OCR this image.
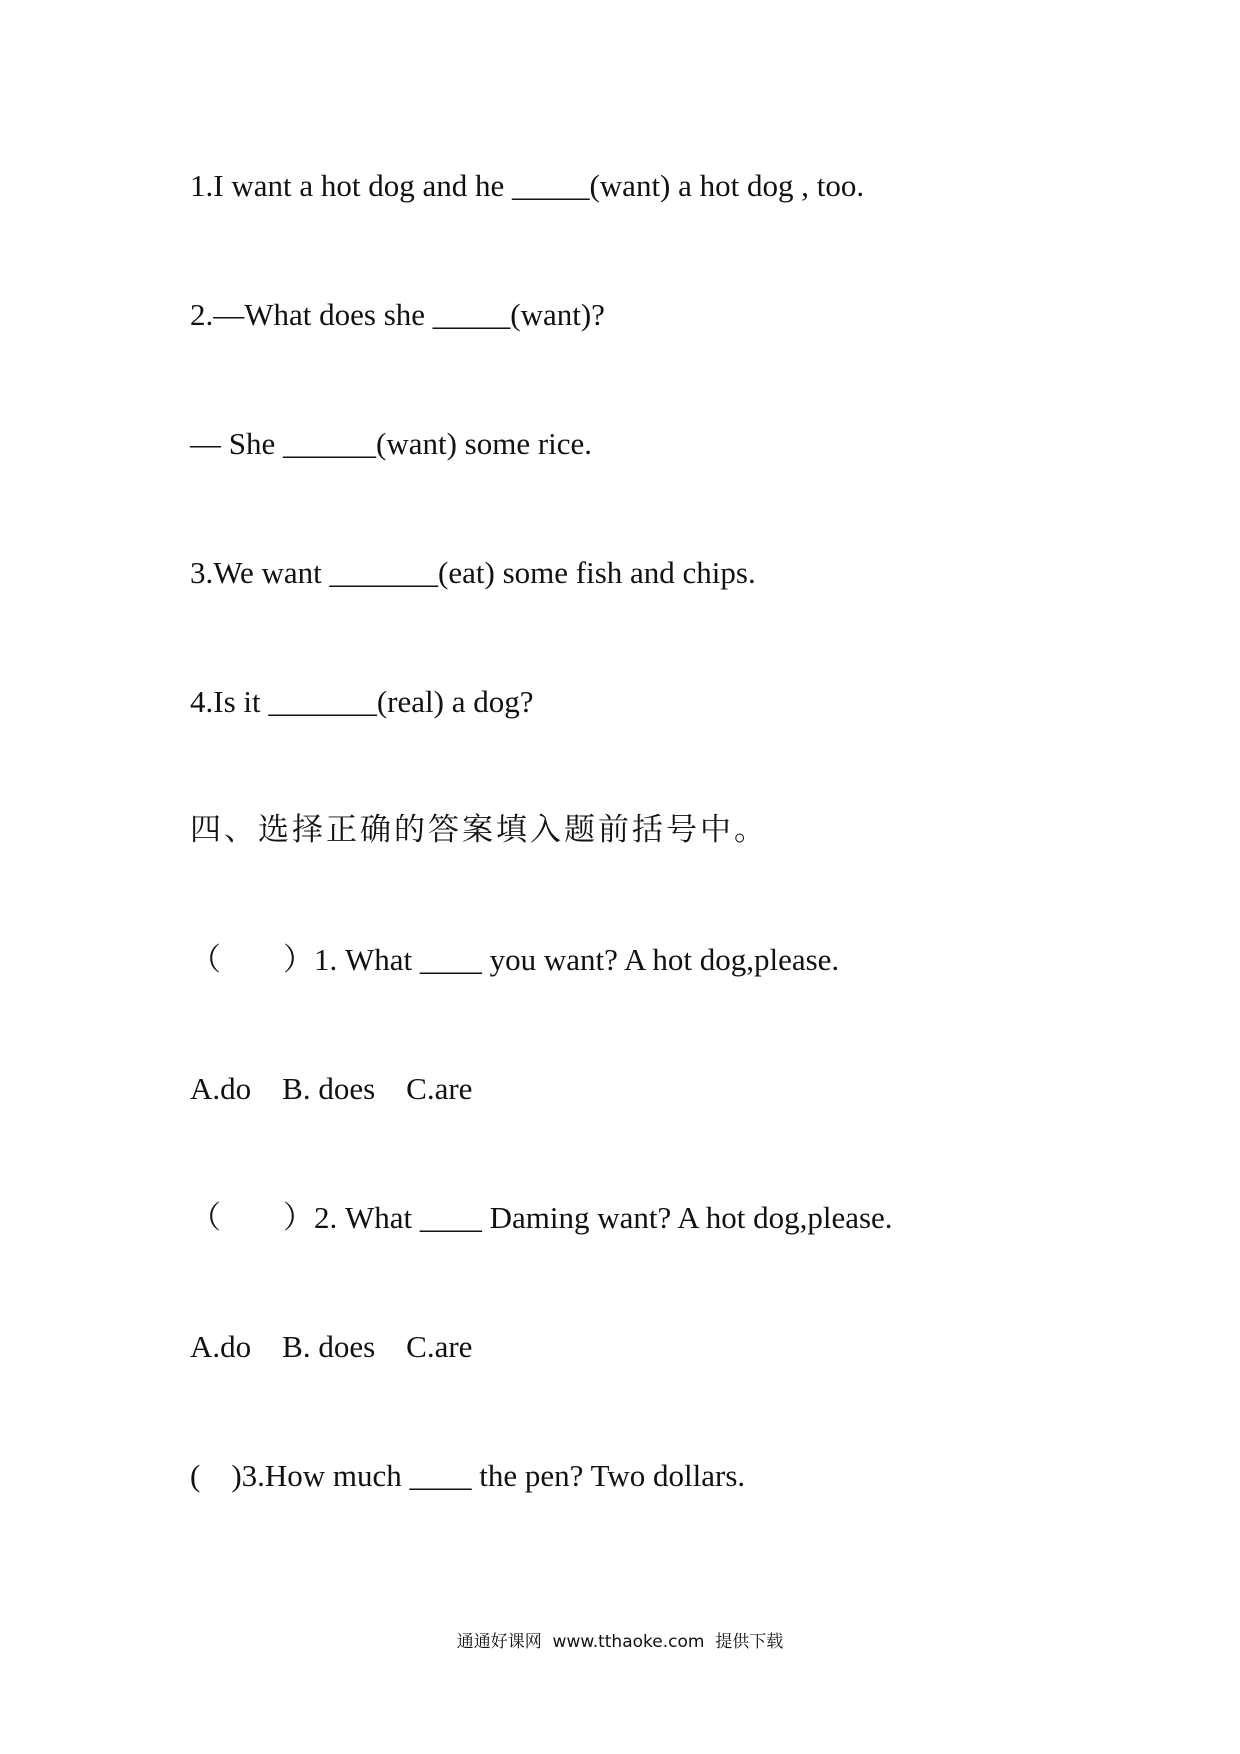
1.I want a hot dog and he _____(want) a hot dog , too.
2.—What does she _____(want)?
— She ______(want) some rice.
3.We want _______(eat) some fish and chips.
4.Is it _______(real) a dog?
四、选择正确的答案填入题前括号中。
（　　）1. What ____ you want? A hot dog,please.
A.do    B. does    C.are
（　　）2. What ____ Daming want? A hot dog,please.
A.do    B. does    C.are
(    )3.How much ____ the pen? Two dollars.
通通好课网  www.tthaoke.com  提供下载
